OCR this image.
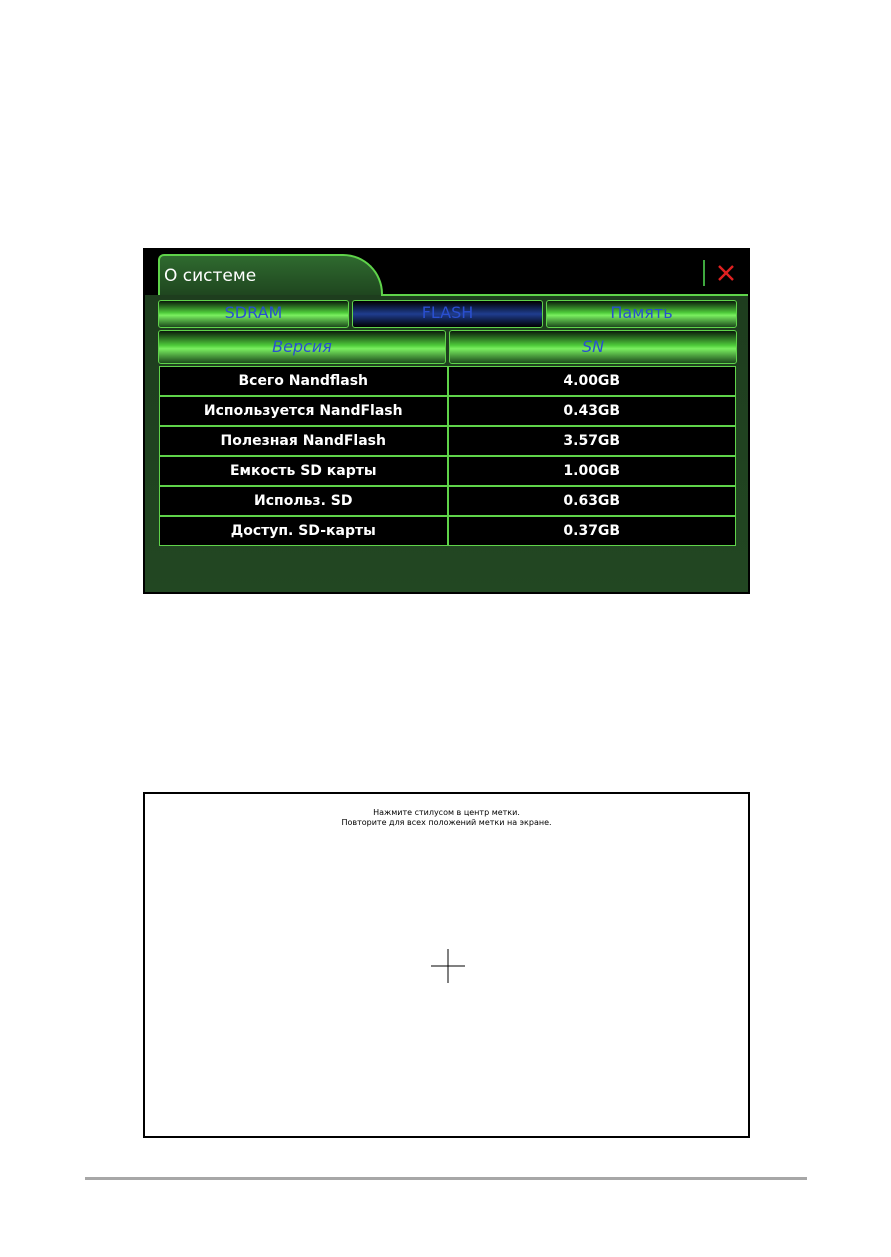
О системе
SDRAM	FLASH	Память
Версия	SN
Всего Nandflash	4.00GB
Используется NandFlash	0.43GB
Полезная NandFlash	3.57GB
Емкость SD карты	1.00GB
Использ. SD	0.63GB
Доступ. SD-карты	0.37GB
Нажмите стилусом в центр метки.
Повторите для всех положений метки на экране.
